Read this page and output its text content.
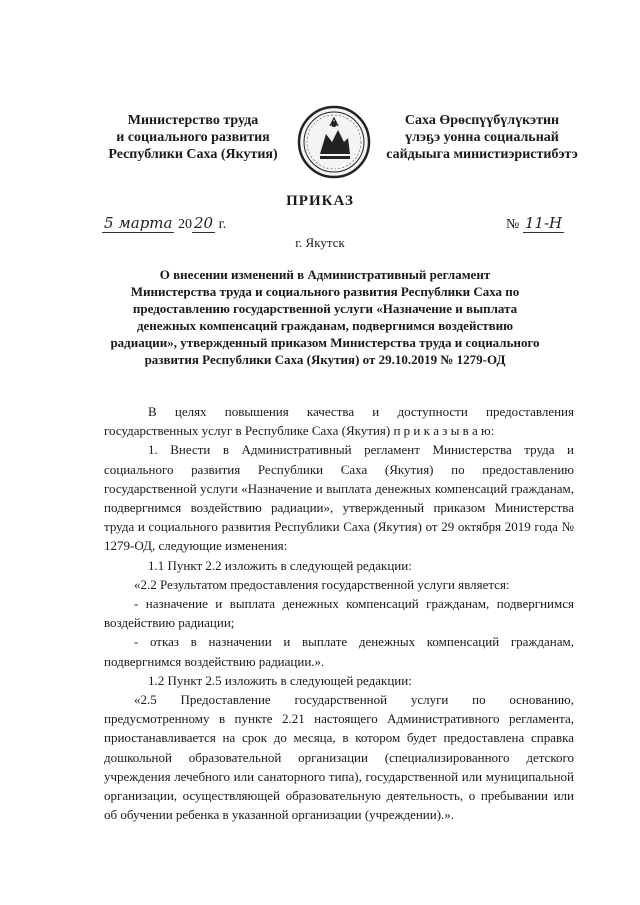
Министерство труда
и социального развития
Республики Саха (Якутия)
Саха Өрөспүүбүлүкэтин
үлэҕэ уонна социальнай
сайдыыга министиэристибэтэ
ПРИКАЗ
5 марта 20 20 г.	№ 11-Н
г. Якутск
О внесении изменений в Административный регламент
Министерства труда и социального развития Республики Саха по
предоставлению государственной услуги «Назначение и выплата
денежных компенсаций гражданам, подвергнимся воздействию
радиации», утвержденный приказом Министерства труда и социального
развития Республики Саха (Якутия) от 29.10.2019 № 1279-ОД

В целях повышения качества и доступности предоставления государственных услуг в Республике Саха (Якутия) п р и к а з ы в а ю:

1. Внести в Административный регламент Министерства труда и социального развития Республики Саха (Якутия) по предоставлению государственной услуги «Назначение и выплата денежных компенсаций гражданам, подвергнимся воздействию радиации», утвержденный приказом Министерства труда и социального развития Республики Саха (Якутия) от 29 октября 2019 года № 1279-ОД, следующие изменения:

1.1 Пункт 2.2 изложить в следующей редакции:

«2.2 Результатом предоставления государственной услуги является:

- назначение и выплата денежных компенсаций гражданам, подвергнимся воздействию радиации;

- отказ в назначении и выплате денежных компенсаций гражданам, подвергнимся воздействию радиации.».

1.2 Пункт 2.5 изложить в следующей редакции:

«2.5 Предоставление государственной услуги по основанию, предусмотренному в пункте 2.21 настоящего Административного регламента, приостанавливается на срок до месяца, в котором будет предоставлена справка дошкольной образовательной организации (специализированного детского учреждения лечебного или санаторного типа), государственной или муниципальной организации, осуществляющей образовательную деятельность, о пребывании или об обучении ребенка в указанной организации (учреждении).».
